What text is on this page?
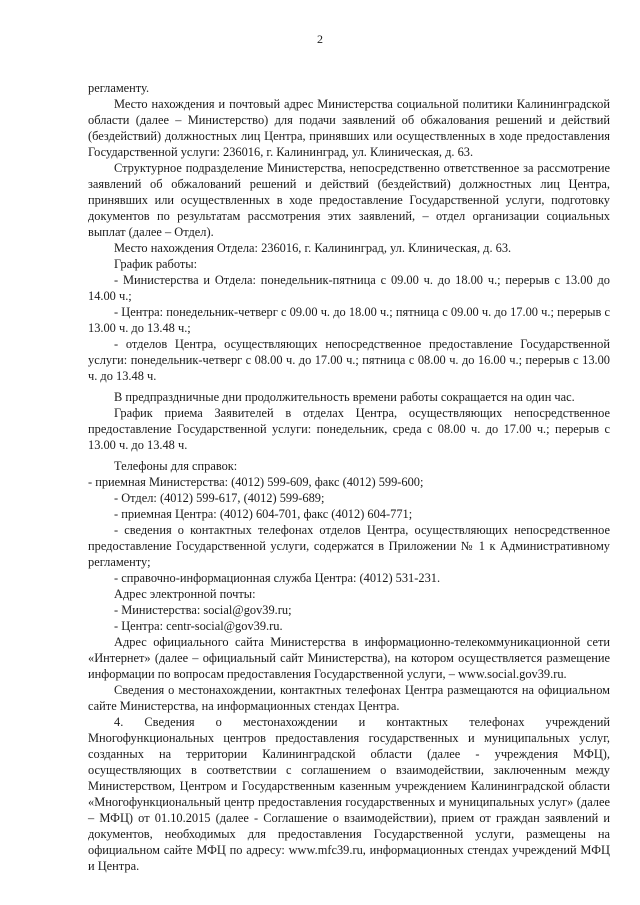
2

регламенту.

Место нахождения и почтовый адрес Министерства социальной политики Калининградской области (далее – Министерство) для подачи заявлений об обжалования решений и действий (бездействий) должностных лиц Центра, принявших или осуществленных в ходе предоставления Государственной услуги: 236016, г. Калининград, ул. Клиническая, д. 63.

Структурное подразделение Министерства, непосредственно ответственное за рассмотрение заявлений об обжалований решений и действий (бездействий) должностных лиц Центра, принявших или осуществленных в ходе предоставление Государственной услуги, подготовку документов по результатам рассмотрения этих заявлений, – отдел организации социальных выплат (далее – Отдел).

Место нахождения Отдела: 236016, г. Калининград, ул. Клиническая, д. 63.

График работы:

- Министерства и Отдела: понедельник-пятница с 09.00 ч. до 18.00 ч.; перерыв с 13.00 до 14.00 ч.;

- Центра: понедельник-четверг с 09.00 ч. до 18.00 ч.; пятница с 09.00 ч. до 17.00 ч.; перерыв с 13.00 ч. до 13.48 ч.;

- отделов Центра, осуществляющих непосредственное предоставление Государственной услуги: понедельник-четверг с 08.00 ч. до 17.00 ч.; пятница с 08.00 ч. до 16.00 ч.; перерыв с 13.00 ч. до 13.48 ч.

В предпраздничные дни продолжительность времени работы сокращается на один час.

График приема Заявителей в отделах Центра, осуществляющих непосредственное предоставление Государственной услуги: понедельник, среда с 08.00 ч. до 17.00 ч.; перерыв с 13.00 ч. до 13.48 ч.

Телефоны для справок:

- приемная Министерства: (4012) 599-609, факс (4012) 599-600;

- Отдел: (4012) 599-617, (4012) 599-689;

- приемная Центра: (4012) 604-701, факс (4012) 604-771;

- сведения о контактных телефонах отделов Центра, осуществляющих непосредственное предоставление Государственной услуги, содержатся в Приложении № 1 к Административному регламенту;

- справочно-информационная служба Центра: (4012) 531-231.

Адрес электронной почты:

- Министерства: social@gov39.ru;

- Центра: centr-social@gov39.ru.

Адрес официального сайта Министерства в информационно-телекоммуникационной сети «Интернет» (далее – официальный сайт Министерства), на котором осуществляется размещение информации по вопросам предоставления Государственной услуги, – www.social.gov39.ru.

Сведения о местонахождении, контактных телефонах Центра размещаются на официальном сайте Министерства, на информационных стендах Центра.

4. Сведения о местонахождении и контактных телефонах учреждений Многофункциональных центров предоставления государственных и муниципальных услуг, созданных на территории Калининградской области (далее - учреждения МФЦ), осуществляющих в соответствии с соглашением о взаимодействии, заключенным между Министерством, Центром и Государственным казенным учреждением Калининградской области «Многофункциональный центр предоставления государственных и муниципальных услуг» (далее – МФЦ) от 01.10.2015 (далее - Соглашение о взаимодействии), прием от граждан заявлений и документов, необходимых для предоставления Государственной услуги, размещены на официальном сайте МФЦ по адресу: www.mfc39.ru, информационных стендах учреждений МФЦ и Центра.
